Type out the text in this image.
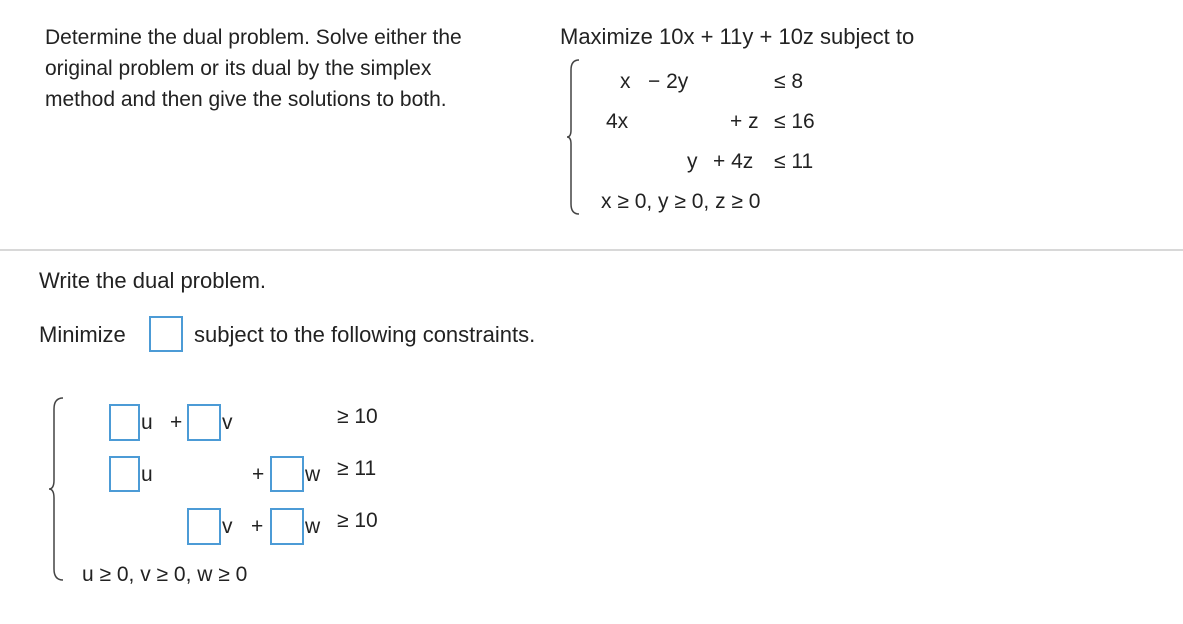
Determine the dual problem. Solve either the original problem or its dual by the simplex method and then give the solutions to both.
Maximize 10x + 11y + 10z subject to
x − 2y	≤ 8
4x	+ z ≤ 16
y + 4z ≤ 11
x ≥ 0, y ≥ 0, z ≥ 0
Write the dual problem.
Minimize	subject to the following constraints.
u + v	≥ 10
u	+ w ≥ 11
v + w ≥ 10
u ≥ 0, v ≥ 0, w ≥ 0
